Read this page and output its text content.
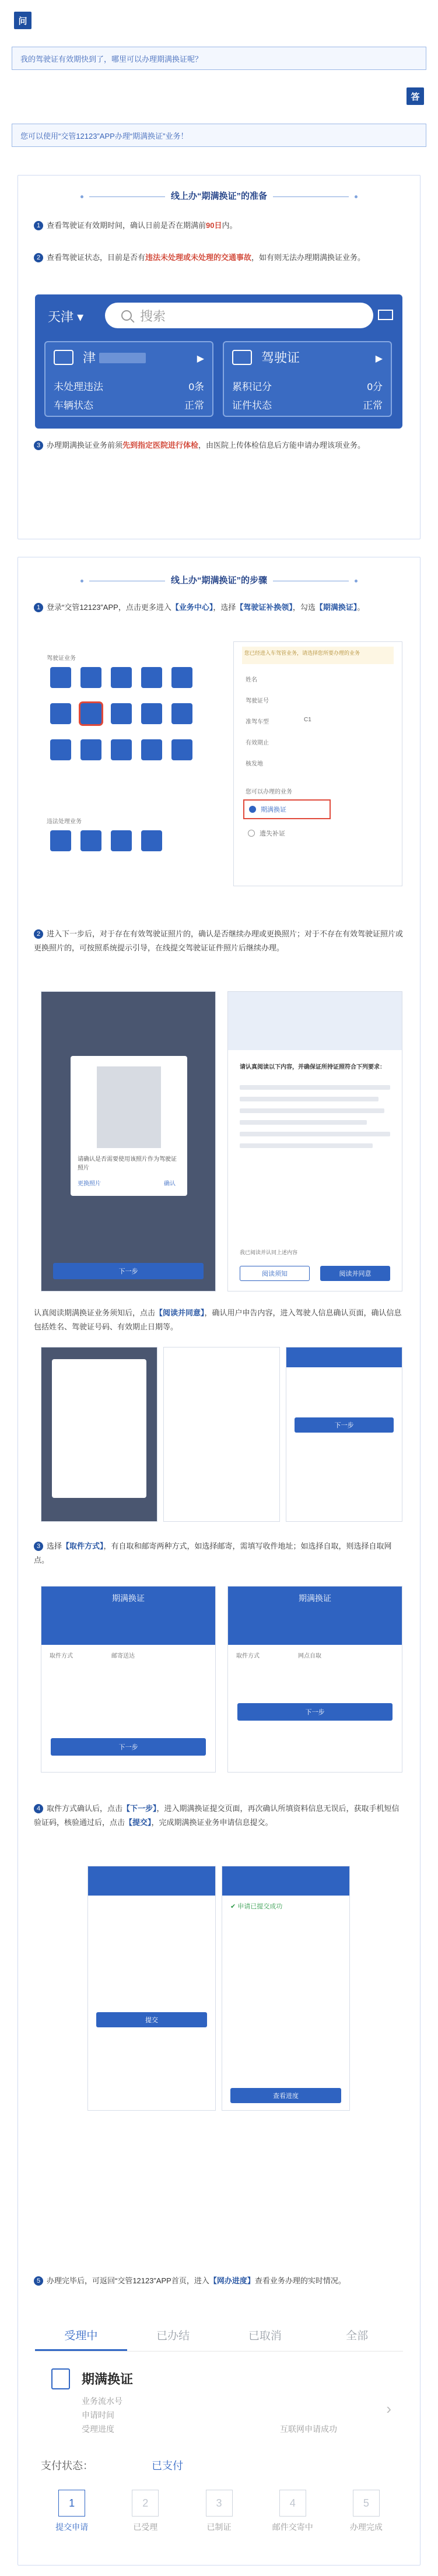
问
我的驾驶证有效期快到了，哪里可以办理期满换证呢？
答
您可以使用“交管12123”APP办理“期满换证”业务！
线上办“期满换证”的准备
1 查看驾驶证有效期时间，确认日前是否在期满前90日内。
2 查看驾驶证状态，目前是否有违法未处理或未处理的交通事故，如有则无法办理期满换证业务。
天津 ▾	搜索
津	▶
未处理违法	0条
车辆状态	正常
驾驶证	▶
累积记分	0分
证件状态	正常
3 办理期满换证业务前须先到指定医院进行体检，由医院上传体检信息后方能申请办理该项业务。
线上办“期满换证”的步骤
1 登录“交管12123”APP，点击更多进入【业务中心】，选择【驾驶证补换领】，勾选【期满换证】。
驾驶证业务
违法处理业务
您已经进入车驾管业务，请选择您所要办理的业务
姓名
驾驶证号
准驾车型	C1
有效期止
核发地
您可以办理的业务
期满换证
遗失补证
2 进入下一步后，对于存在有效驾驶证照片的，确认是否继续办理或更换照片；对于不存在有效驾驶证照片或更换照片的，可按照系统提示引导，在线提交驾驶证证件照片后继续办理。
请确认是否需要使用该照片作为驾驶证照片
更换照片	确认
下一步
请认真阅读以下内容，并确保证所持证照符合下列要求：
我已阅读并认同上述内容
阅读须知	阅读并同意
认真阅读期满换证业务须知后，点击【阅读并同意】，确认用户申告内容，进入驾驶人信息确认页面，确认信息包括姓名、驾驶证号码、有效期止日期等。
下一步
3 选择【取件方式】，有自取和邮寄两种方式，如选择邮寄，需填写收件地址；如选择自取，则选择自取网点。
期满换证
取件方式	邮寄送达
下一步
期满换证
取件方式	网点自取
下一步
4 取件方式确认后，点击【下一步】，进入期满换证提交页面，再次确认所填资料信息无误后，获取手机短信验证码，核验通过后，点击【提交】，完成期满换证业务申请信息提交。
提交
✔ 申请已提交成功
查看进度
5 办理完毕后，可返回“交管12123”APP首页，进入【网办进度】查看业务办理的实时情况。
受理中	已办结	已取消	全部
期满换证
业务流水号
申请时间
受理进度	互联网申请成功
›
支付状态：	已支付
1
提交申请
2
已受理
3
已制证
4
邮件交寄中
5
办理完成
